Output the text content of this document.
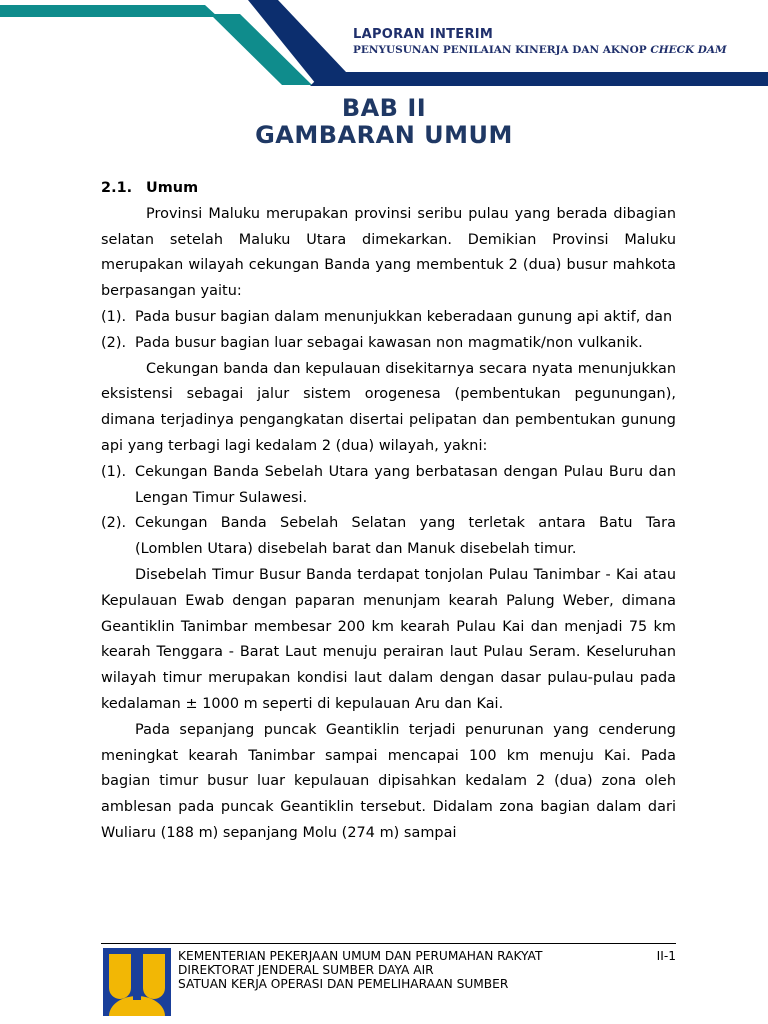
LAPORAN INTERIM
PENYUSUNAN PENILAIAN KINERJA DAN AKNOP CHECK DAM
BAB II
GAMBARAN UMUM

2.1. Umum

Provinsi Maluku merupakan provinsi seribu pulau yang berada dibagian selatan setelah Maluku Utara dimekarkan. Demikian Provinsi Maluku merupakan wilayah cekungan Banda yang membentuk 2 (dua) busur mahkota berpasangan yaitu:

(1). Pada busur bagian dalam menunjukkan keberadaan gunung api aktif, dan
(2). Pada busur bagian luar sebagai kawasan non magmatik/non vulkanik.

Cekungan banda dan kepulauan disekitarnya secara nyata menunjukkan eksistensi sebagai jalur sistem orogenesa (pembentukan pegunungan), dimana terjadinya pengangkatan disertai pelipatan dan pembentukan gunung api yang terbagi lagi kedalam 2 (dua) wilayah, yakni:

(1). Cekungan Banda Sebelah Utara yang berbatasan dengan Pulau Buru dan Lengan Timur Sulawesi.
(2). Cekungan Banda Sebelah Selatan yang terletak antara Batu Tara (Lomblen Utara) disebelah barat dan Manuk disebelah timur.

Disebelah Timur Busur Banda terdapat tonjolan Pulau Tanimbar - Kai atau Kepulauan Ewab dengan paparan menunjam kearah Palung Weber, dimana Geantiklin Tanimbar membesar 200 km kearah Pulau Kai dan menjadi 75 km kearah Tenggara - Barat Laut menuju perairan laut Pulau Seram. Keseluruhan wilayah timur merupakan kondisi laut dalam dengan dasar pulau-pulau pada kedalaman ± 1000 m seperti di kepulauan Aru dan Kai.

Pada sepanjang puncak Geantiklin terjadi penurunan yang cenderung meningkat kearah Tanimbar sampai mencapai 100 km menuju Kai. Pada bagian timur busur luar kepulauan dipisahkan kedalam 2 (dua) zona oleh amblesan pada puncak Geantiklin tersebut. Didalam zona bagian dalam dari Wuliaru (188 m) sepanjang Molu (274 m) sampai

KEMENTERIAN PEKERJAAN UMUM DAN PERUMAHAN RAKYAT
DIREKTORAT JENDERAL SUMBER DAYA AIR
SATUAN KERJA OPERASI DAN PEMELIHARAAN SUMBER
II-1
